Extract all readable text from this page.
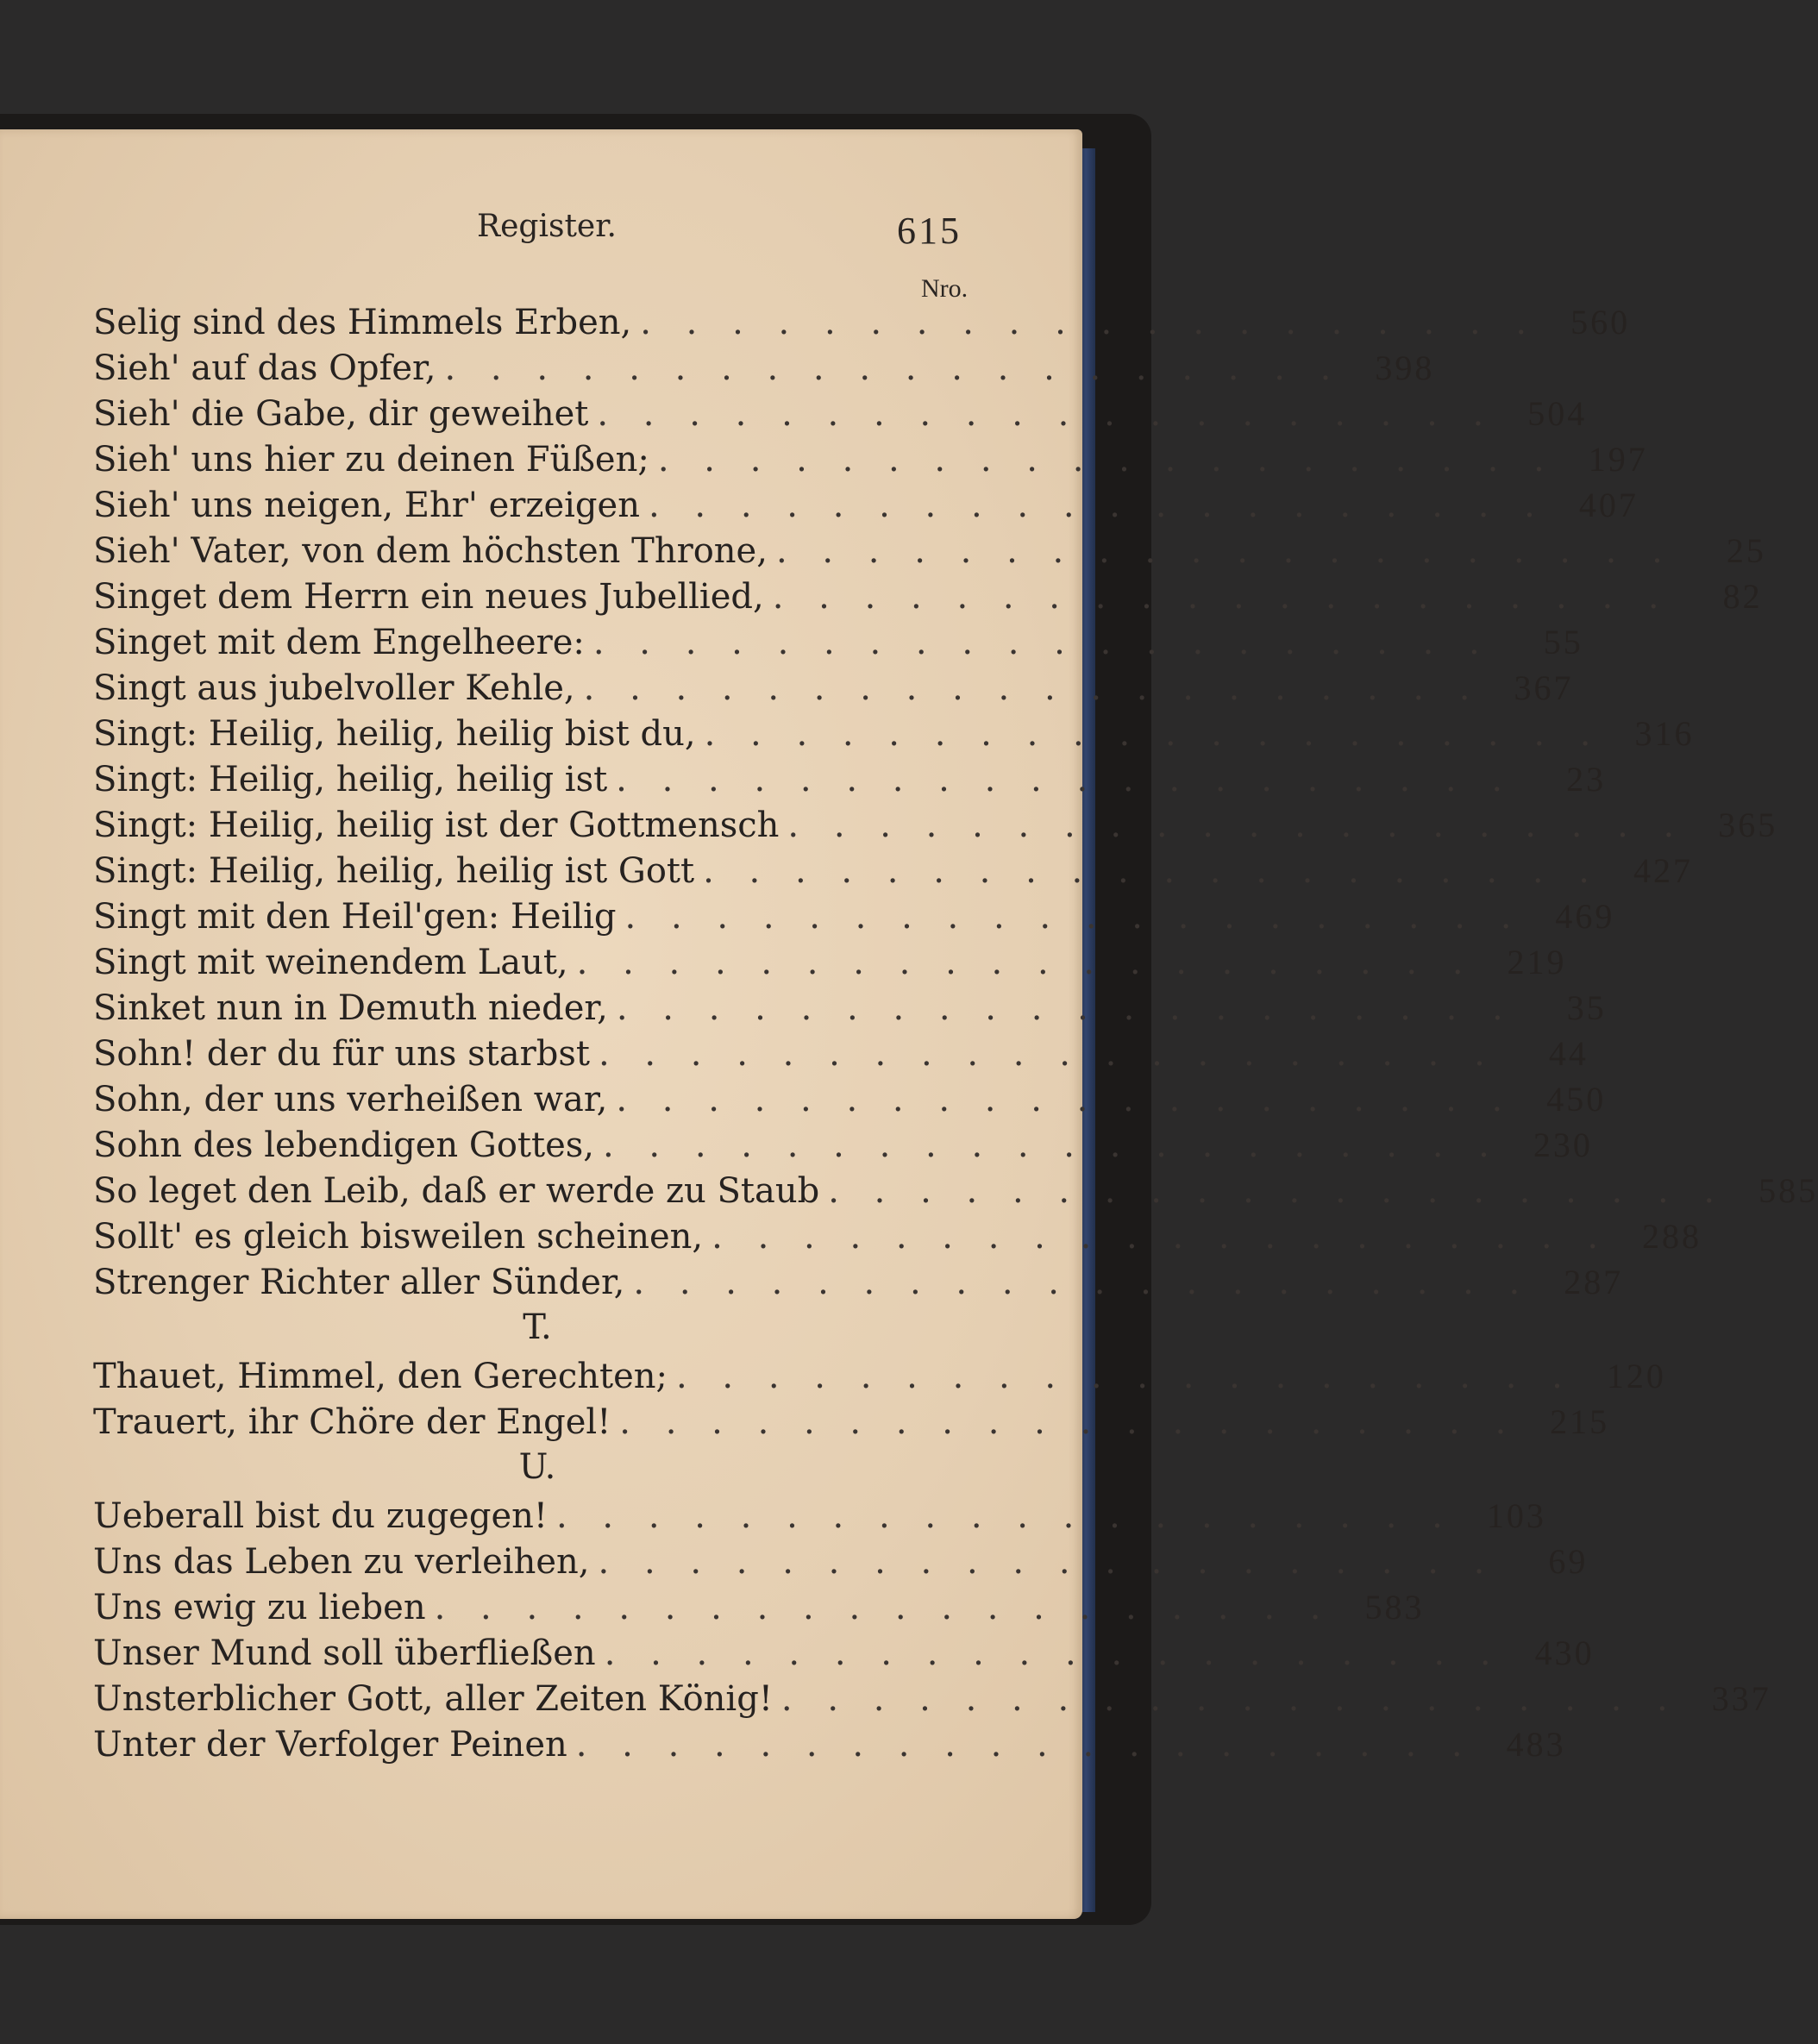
Register.	615
Nro.
Selig sind des Himmels Erben, . . . . . . . . . . . . . . . . . . . . 560
Sieh' auf das Opfer, . . . . . . . . . . . . . . . . . . . . 398
Sieh' die Gabe, dir geweihet . . . . . . . . . . . . . . . . . . . . 504
Sieh' uns hier zu deinen Füßen; . . . . . . . . . . . . . . . . . . . . 197
Sieh' uns neigen, Ehr' erzeigen . . . . . . . . . . . . . . . . . . . . 407
Sieh' Vater, von dem höchsten Throne, . . . . . . . . . . . . . . . . . . . .	25
Singet dem Herrn ein neues Jubellied, . . . . . . . . . . . . . . . . . . . .	82
Singet mit dem Engelheere: . . . . . . . . . . . . . . . . . . . .	55
Singt aus jubelvoller Kehle, . . . . . . . . . . . . . . . . . . . . 367
Singt: Heilig, heilig, heilig bist du, . . . . . . . . . . . . . . . . . . . . 316
Singt: Heilig, heilig, heilig ist . . . . . . . . . . . . . . . . . . . .	23
Singt: Heilig, heilig ist der Gottmensch . . . . . . . . . . . . . . . . . . . . 365
Singt: Heilig, heilig, heilig ist Gott . . . . . . . . . . . . . . . . . . . . 427
Singt mit den Heil'gen: Heilig . . . . . . . . . . . . . . . . . . . . 469
Singt mit weinendem Laut, . . . . . . . . . . . . . . . . . . . . 219
Sinket nun in Demuth nieder, . . . . . . . . . . . . . . . . . . . .	35
Sohn! der du für uns starbst . . . . . . . . . . . . . . . . . . . .	44
Sohn, der uns verheißen war, . . . . . . . . . . . . . . . . . . . . 450
Sohn des lebendigen Gottes, . . . . . . . . . . . . . . . . . . . . 230
So leget den Leib, daß er werde zu Staub . . . . . . . . . . . . . . . . . . . . 585
Sollt' es gleich bisweilen scheinen, . . . . . . . . . . . . . . . . . . . . 288
Strenger Richter aller Sünder, . . . . . . . . . . . . . . . . . . . . 287
T.
Thauet, Himmel, den Gerechten; . . . . . . . . . . . . . . . . . . . . 120
Trauert, ihr Chöre der Engel! . . . . . . . . . . . . . . . . . . . . 215
U.
Ueberall bist du zugegen! . . . . . . . . . . . . . . . . . . . . 103
Uns das Leben zu verleihen, . . . . . . . . . . . . . . . . . . . .	69
Uns ewig zu lieben . . . . . . . . . . . . . . . . . . . . 583
Unser Mund soll überfließen . . . . . . . . . . . . . . . . . . . . 430
Unsterblicher Gott, aller Zeiten König! . . . . . . . . . . . . . . . . . . . . 337
Unter der Verfolger Peinen . . . . . . . . . . . . . . . . . . . . 483
